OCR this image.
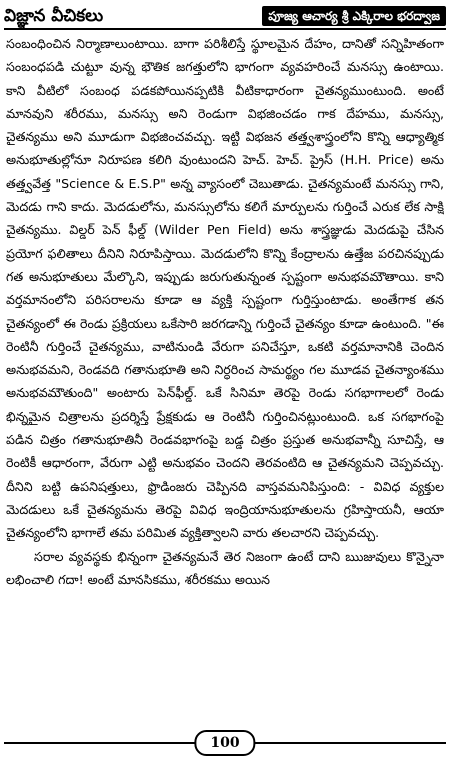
విజ్ఞాన వీచికలు	పూజ్య ఆచార్య శ్రీ ఎక్కిరాల భరద్వాజ

సంబంధించిన నిర్మాణాలుంటాయి. బాగా పరిశీలిస్తే స్థూలమైన దేహం, దానితో సన్నిహితంగా సంబంధపడి చుట్టూ వున్న భౌతిక జగత్తులోని భాగంగా వ్యవహరించే మనస్సు ఉంటాయి. కాని వీటిలో సంబంధ పడకపోయినప్పటికి వీటికాధారంగా చైతన్యముంటుంది. అంటే మానవుని శరీరము, మనస్సు అని రెండుగా విభజించడం గాక దేహము, మనస్సు, చైతన్యము అని మూడుగా విభజించవచ్చు. ఇట్టి విభజన తత్త్వశాస్త్రంలోని కొన్ని ఆధ్యాత్మిక అనుభూతుల్లోనూ నిరూపణ కలిగి వుంటుందని హెచ్. హెచ్. ప్రైస్ (H.H. Price) అను తత్త్వవేత్త "Science & E.S.P" అన్న వ్యాసంలో చెబుతాడు. చైతన్యమంటే మనస్సు గాని, మెదడు గాని కాదు. మెదడులోను, మనస్సులోను కలిగే మార్పులను గుర్తించే ఎరుక లేక సాక్షి చైతన్యము. విల్డర్ పెన్ ఫీల్డ్ (Wilder Pen Field) అను శాస్త్రజ్ఞుడు మెదడుపై చేసిన ప్రయోగ ఫలితాలు దీనిని నిరూపిస్తాయి. మెదడులోని కొన్ని కేంద్రాలను ఉత్తేజ పరచినప్పుడు గత అనుభూతులు మేల్కొని, ఇప్పుడు జరుగుతున్నంత స్పష్టంగా అనుభవమౌతాయి. కాని వర్తమానంలోని పరిసరాలను కూడా ఆ వ్యక్తి స్పష్టంగా గుర్తిస్తుంటాడు. అంతేగాక తన చైతన్యంలో ఈ రెండు ప్రక్రియలు ఒకేసారి జరగడాన్ని గుర్తించే చైతన్యం కూడా ఉంటుంది. "ఈ రెంటినీ గుర్తించే చైతన్యము, వాటినుండి వేరుగా పనిచేస్తూ, ఒకటి వర్తమానానికి చెందిన అనుభవమని, రెండవది గతానుభూతి అని నిర్ధరించ సామర్థ్యం గల మూడవ చైతన్యాంశము అనుభవమౌతుంది" అంటారు పెన్‌ఫీల్డ్. ఒకే సినిమా తెరపై రెండు సగభాగాలలో రెండు భిన్నమైన చిత్రాలను ప్రదర్శిస్తే ప్రేక్షకుడు ఆ రెంటినీ గుర్తించినట్లుంటుంది. ఒక సగభాగంపై పడిన చిత్రం గతానుభూతినీ రెండవభాగంపై బడ్డ చిత్రం ప్రస్తుత అనుభవాన్నీ సూచిస్తే, ఆ రెంటికీ ఆధారంగా, వేరుగా ఎట్టి అనుభవం చెందని తెరవంటిది ఆ చైతన్యమని చెప్పవచ్చు. దీనిని బట్టి ఉపనిషత్తులు, ఫ్రొడింజరు చెప్పినది వాస్తవమనిపిస్తుంది: - వివిధ వ్యక్తుల మెదడులు ఒకే చైతన్యమను తెరపై వివిధ ఇంద్రియానుభూతులను గ్రహిస్తాయనీ, ఆయా చైతన్యంలోని భాగాలే తమ పరిమిత వ్యక్తిత్వాలని వారు తలచారని చెప్పవచ్చు.

సరాల వ్యవస్థకు భిన్నంగా చైతన్యమనే తెర నిజంగా ఉంటే దాని ఋజువులు కొన్నైనా లభించాలి గదా! అంటే మానసికము, శరీరకము అయిన

100
